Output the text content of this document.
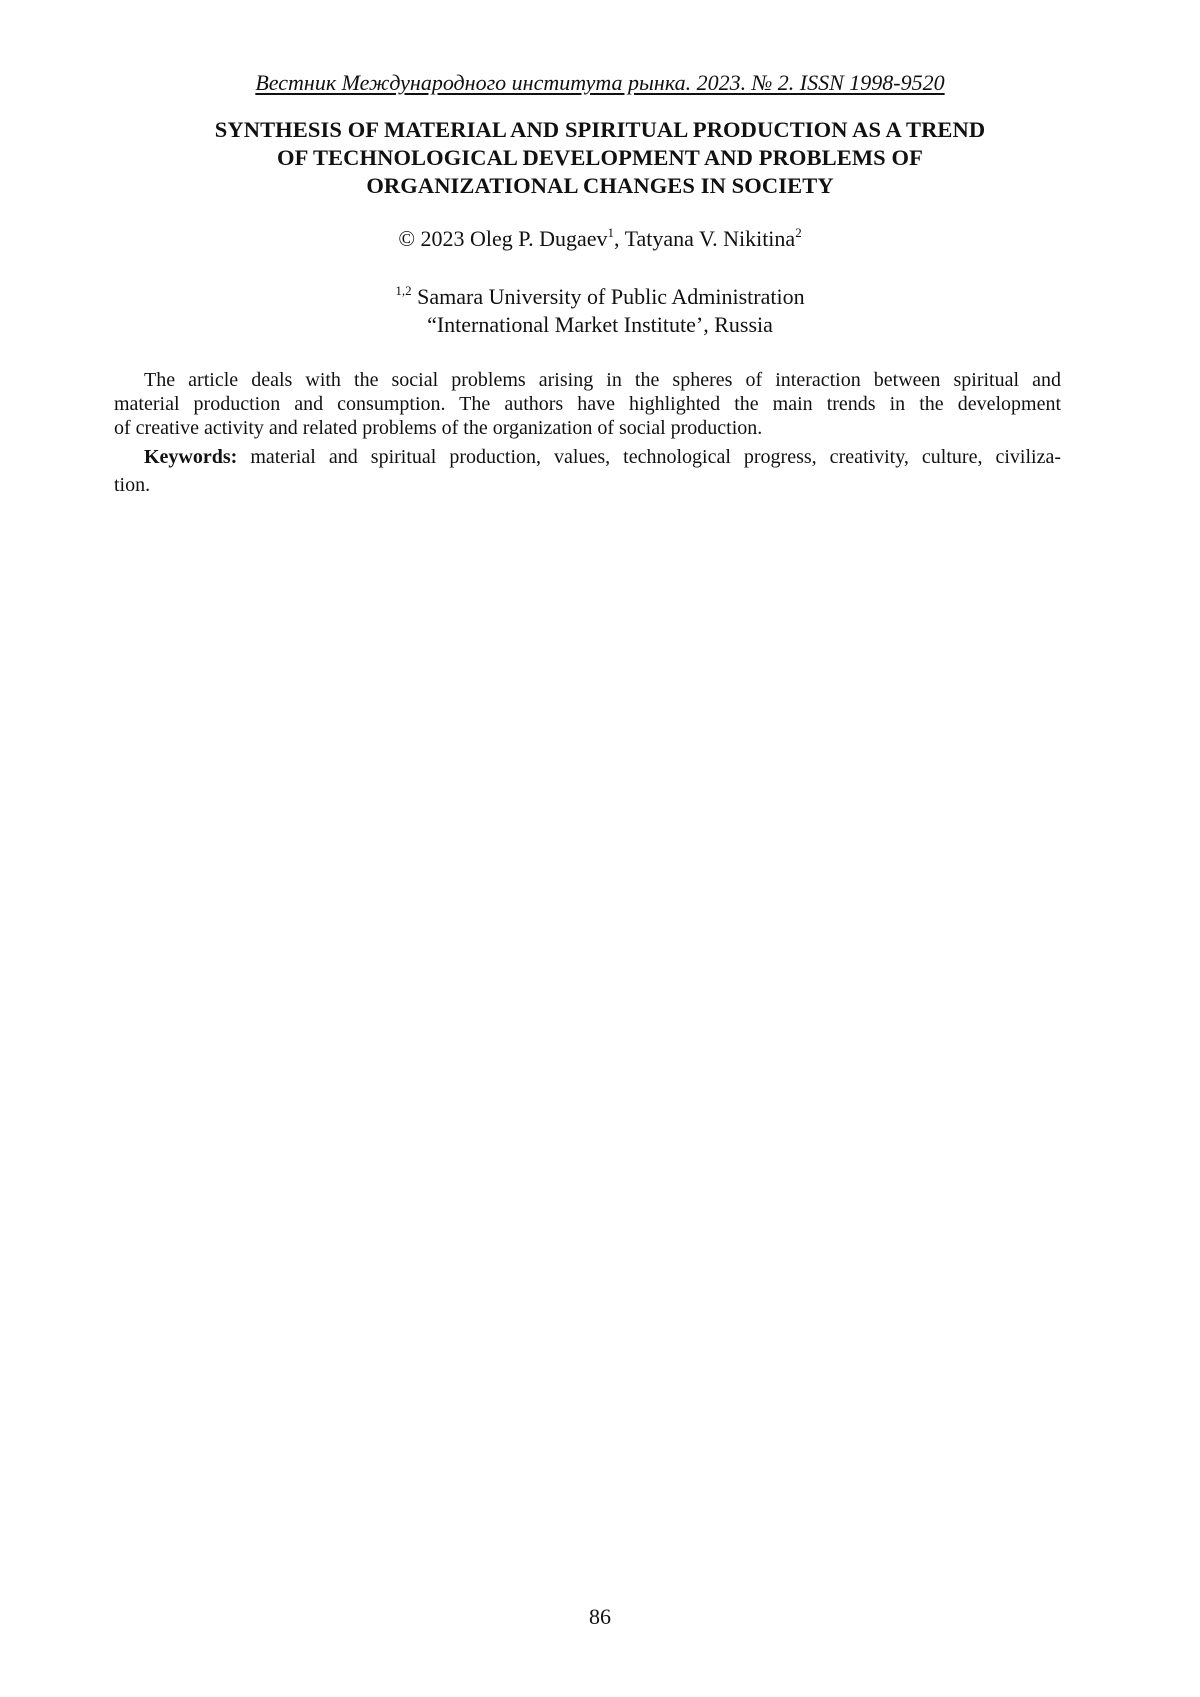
Вестник Международного института рынка. 2023. № 2. ISSN 1998-9520
SYNTHESIS OF MATERIAL AND SPIRITUAL PRODUCTION AS A TREND
OF TECHNOLOGICAL DEVELOPMENT AND PROBLEMS OF
ORGANIZATIONAL CHANGES IN SOCIETY
© 2023 Oleg P. Dugaev$^1$, Tatyana V. Nikitina$^2$
$^{1,2}$ Samara University of Public Administration
“International Market Institute’, Russia
The article deals with the social problems arising in the spheres of interaction between spiritual and
material production and consumption. The authors have highlighted the main trends in the development
of creative activity and related problems of the organization of social production.
Keywords: material and spiritual production, values, technological progress, creativity, culture, civiliza-
tion.
86
